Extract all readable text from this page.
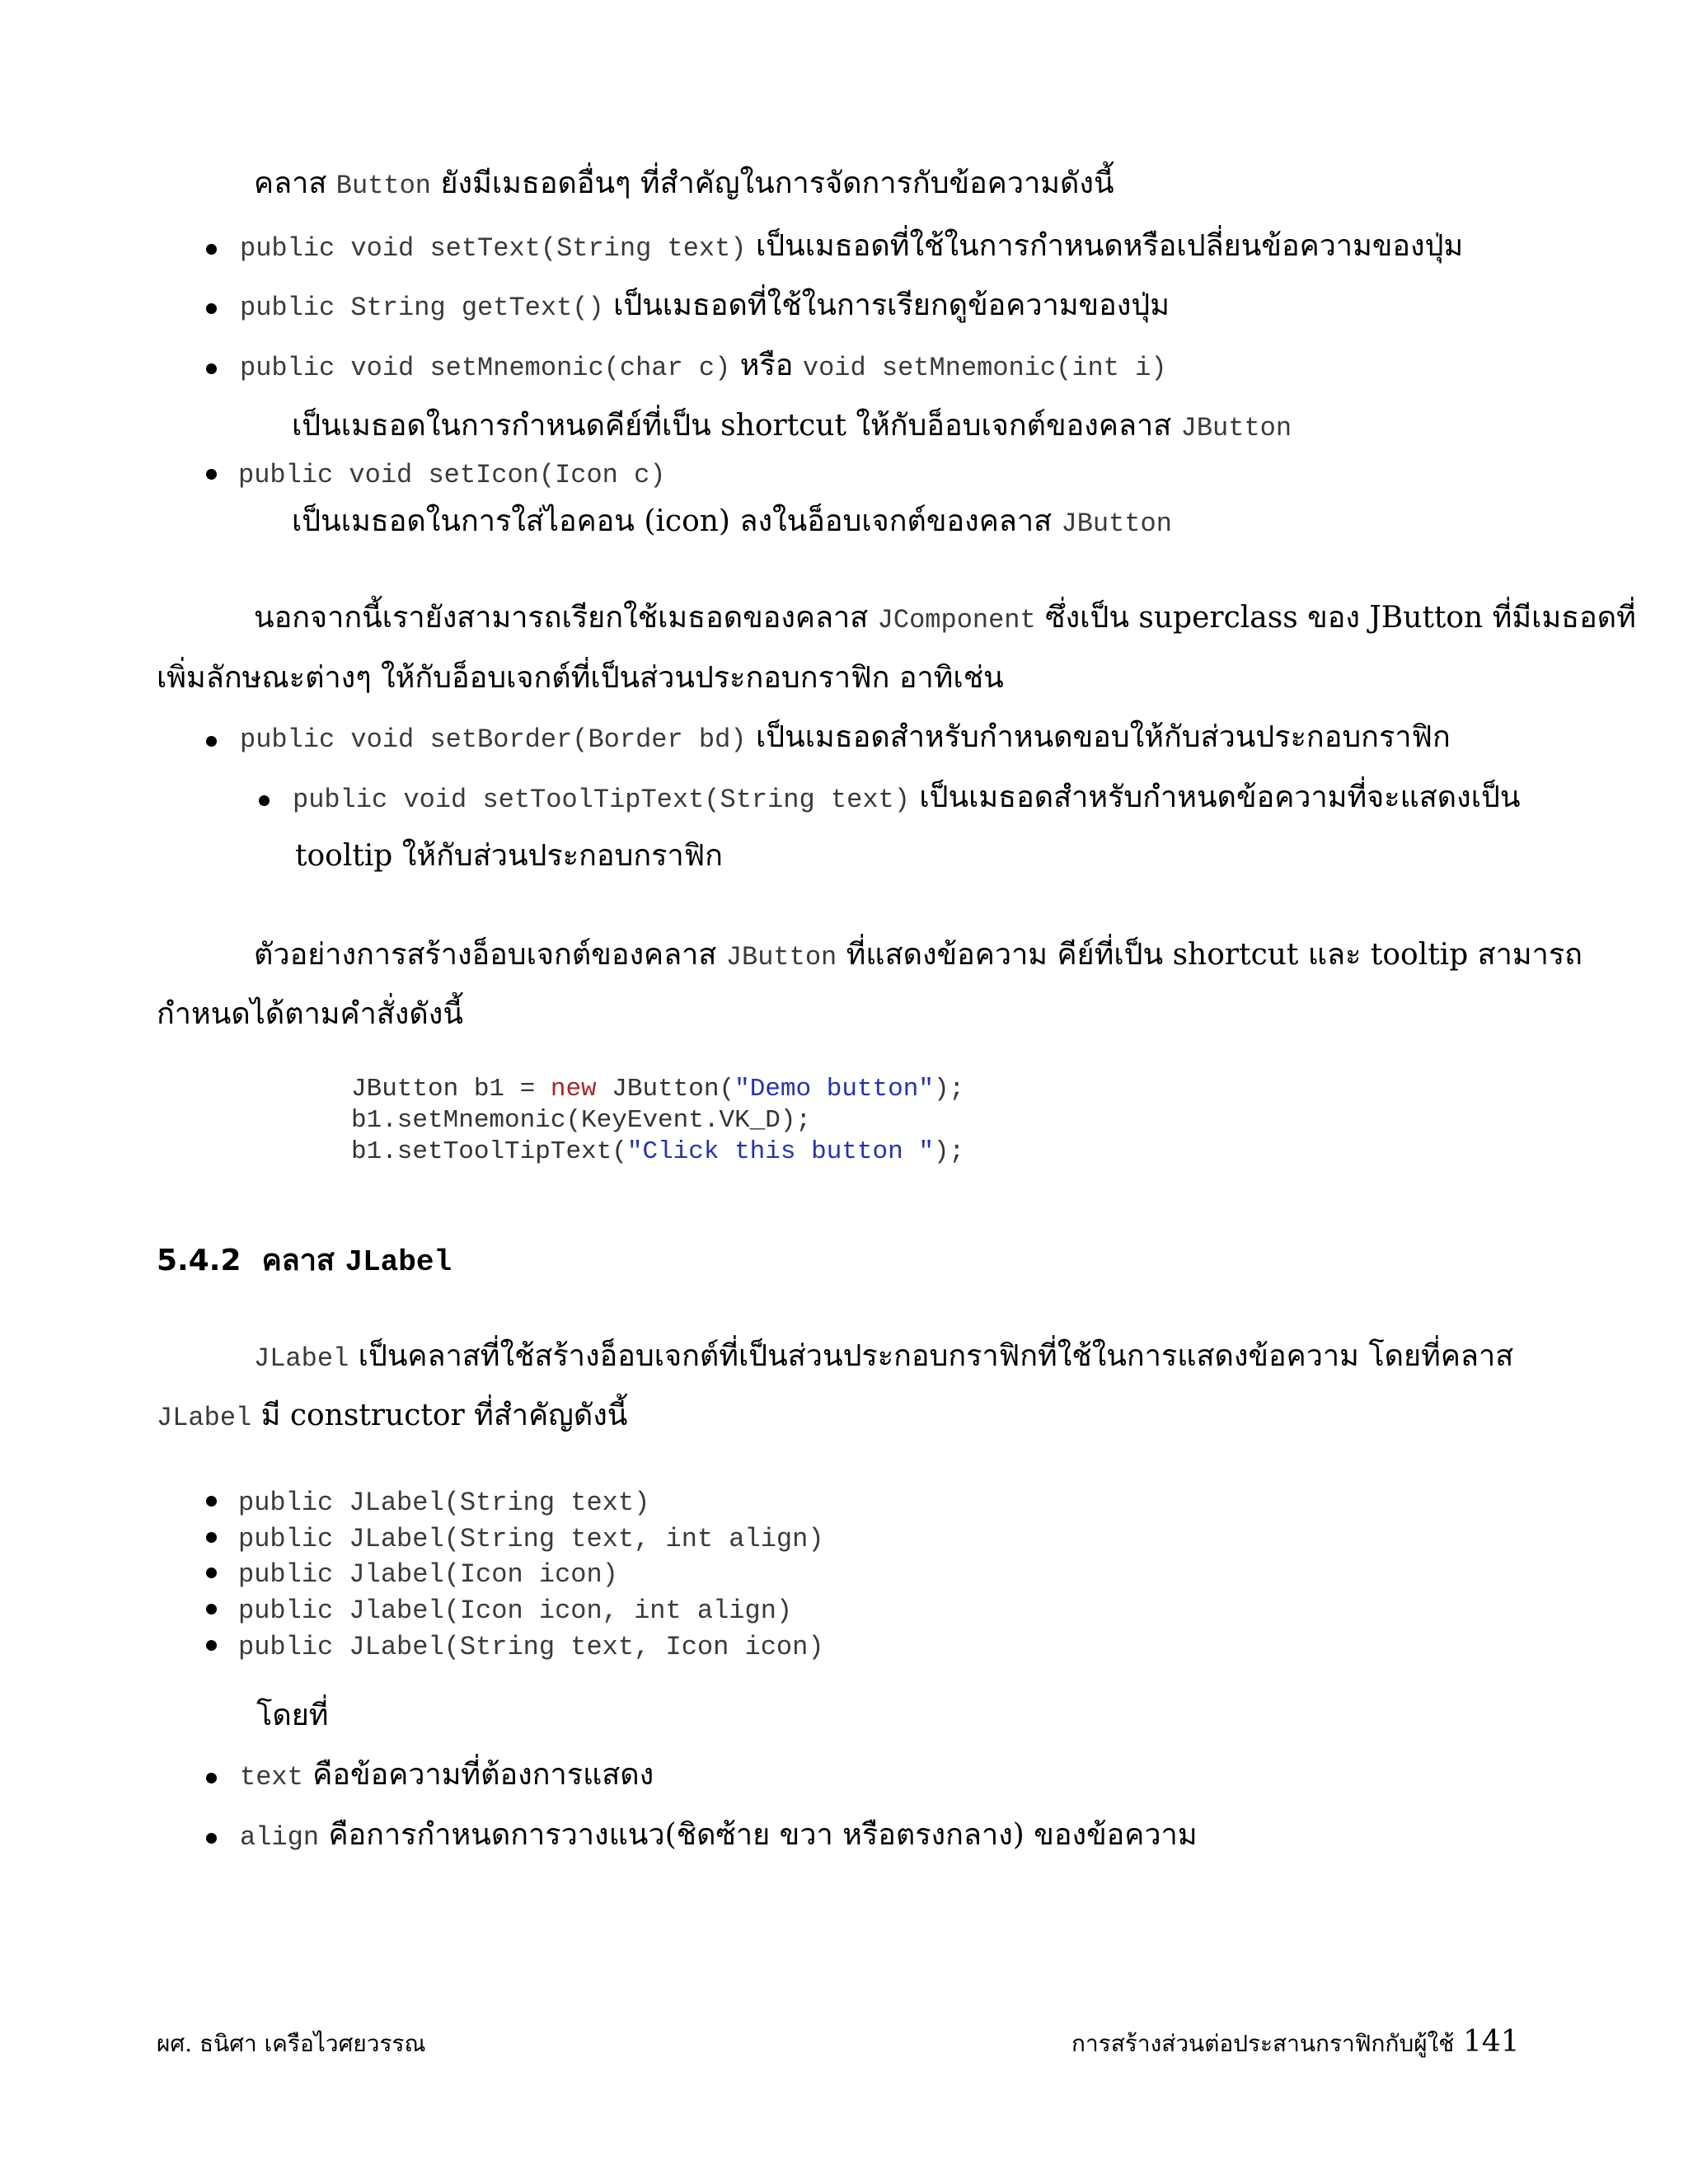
คลาส Button ยังมีเมธอดอื่นๆ ที่สำคัญในการจัดการกับข้อความดังนี้
public void setText(String text) เป็นเมธอดที่ใช้ในการกำหนดหรือเปลี่ยนข้อความของปุ่ม
public String getText() เป็นเมธอดที่ใช้ในการเรียกดูข้อความของปุ่ม
public void setMnemonic(char c) หรือ void setMnemonic(int i)
เป็นเมธอดในการกำหนดคีย์ที่เป็น shortcut ให้กับอ็อบเจกต์ของคลาส JButton
public void setIcon(Icon c)
เป็นเมธอดในการใส่ไอคอน (icon) ลงในอ็อบเจกต์ของคลาส JButton
นอกจากนี้เรายังสามารถเรียกใช้เมธอดของคลาส JComponent ซึ่งเป็น superclass ของ JButton ที่มีเมธอดที่
เพิ่มลักษณะต่างๆ ให้กับอ็อบเจกต์ที่เป็นส่วนประกอบกราฟิก อาทิเช่น
public void setBorder(Border bd) เป็นเมธอดสำหรับกำหนดขอบให้กับส่วนประกอบกราฟิก
public void setToolTipText(String text) เป็นเมธอดสำหรับกำหนดข้อความที่จะแสดงเป็น
tooltip ให้กับส่วนประกอบกราฟิก
ตัวอย่างการสร้างอ็อบเจกต์ของคลาส JButton ที่แสดงข้อความ คีย์ที่เป็น shortcut และ tooltip สามารถ
กำหนดได้ตามคำสั่งดังนี้
JButton b1 = new JButton("Demo button");
b1.setMnemonic(KeyEvent.VK_D);
b1.setToolTipText("Click this button ");
5.4.2 คลาส JLabel
JLabel เป็นคลาสที่ใช้สร้างอ็อบเจกต์ที่เป็นส่วนประกอบกราฟิกที่ใช้ในการแสดงข้อความ โดยที่คลาส
JLabel มี constructor ที่สำคัญดังนี้
public JLabel(String text)
public JLabel(String text, int align)
public Jlabel(Icon icon)
public Jlabel(Icon icon, int align)
public JLabel(String text, Icon icon)
โดยที่
text คือข้อความที่ต้องการแสดง
align คือการกำหนดการวางแนว(ชิดซ้าย ขวา หรือตรงกลาง) ของข้อความ
ผศ. ธนิศา เครือไวศยวรรณ	การสร้างส่วนต่อประสานกราฟิกกับผู้ใช้ 141
